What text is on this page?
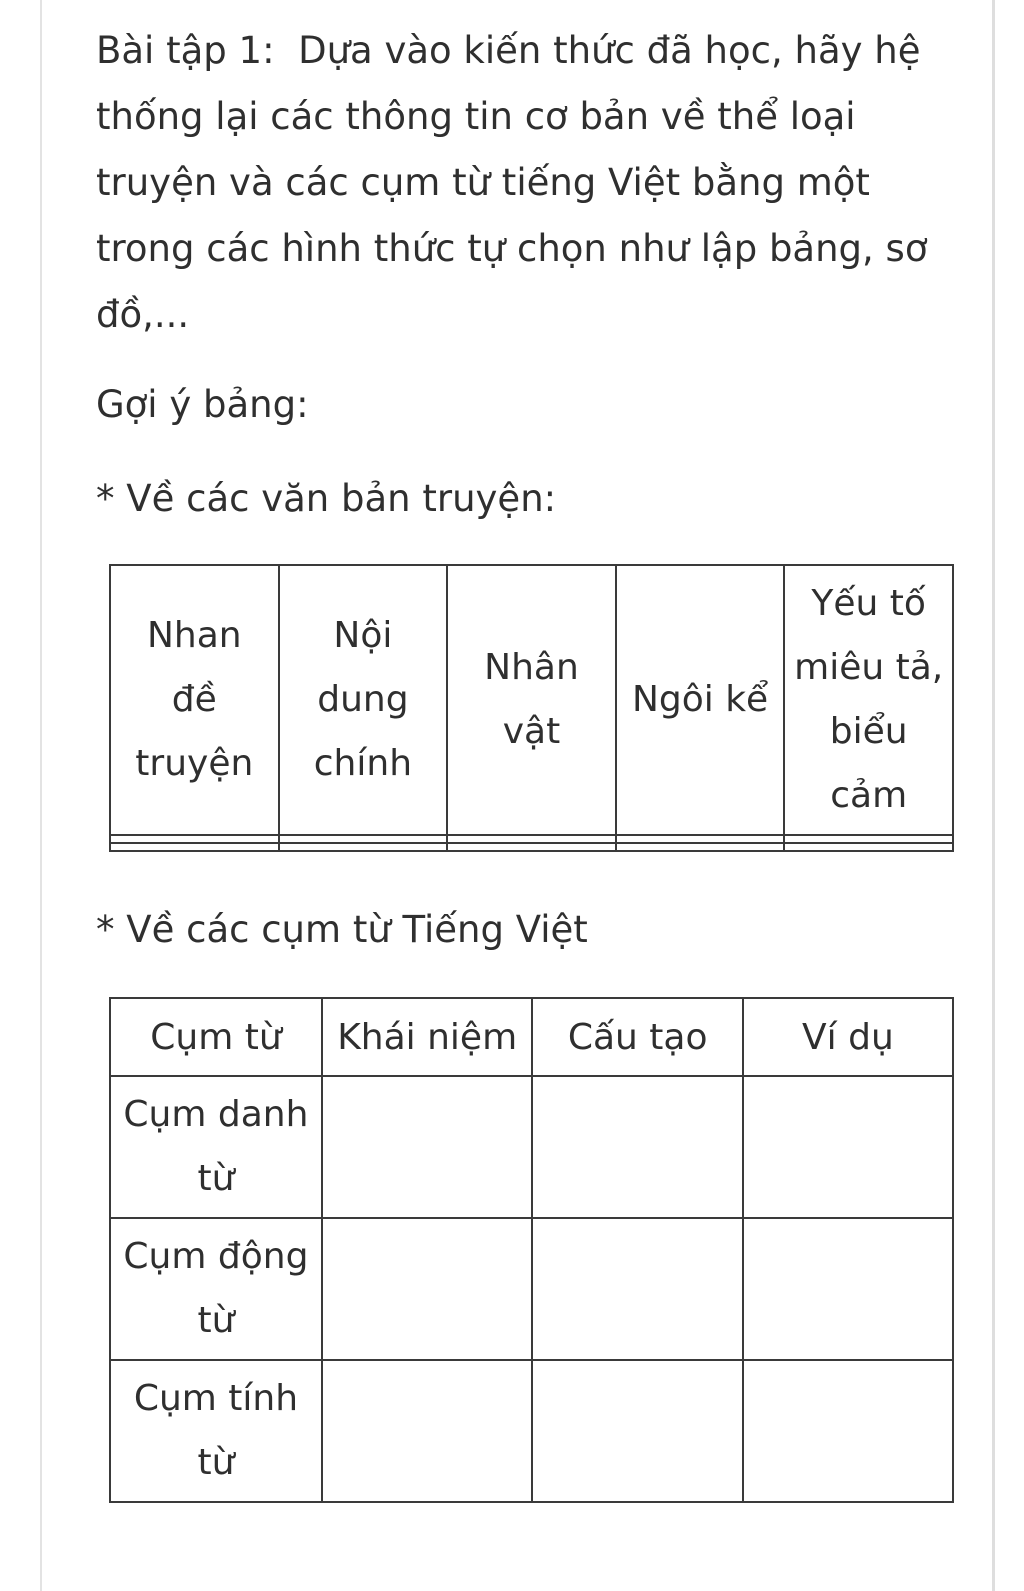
Bài tập 1: Dựa vào kiến thức đã học, hãy hệ thống lại các thông tin cơ bản về thể loại truyện và các cụm từ tiếng Việt bằng một trong các hình thức tự chọn như lập bảng, sơ đồ,...

Gợi ý bảng:

* Về các văn bản truyện:

Nhan đề truyện	Nội dung chính	Nhân vật	Ngôi kể	Yếu tố miêu tả, biểu cảm

* Về các cụm từ Tiếng Việt

Cụm từ	Khái niệm	Cấu tạo	Ví dụ

Cụm danh từ			

Cụm động từ			

Cụm tính từ			
